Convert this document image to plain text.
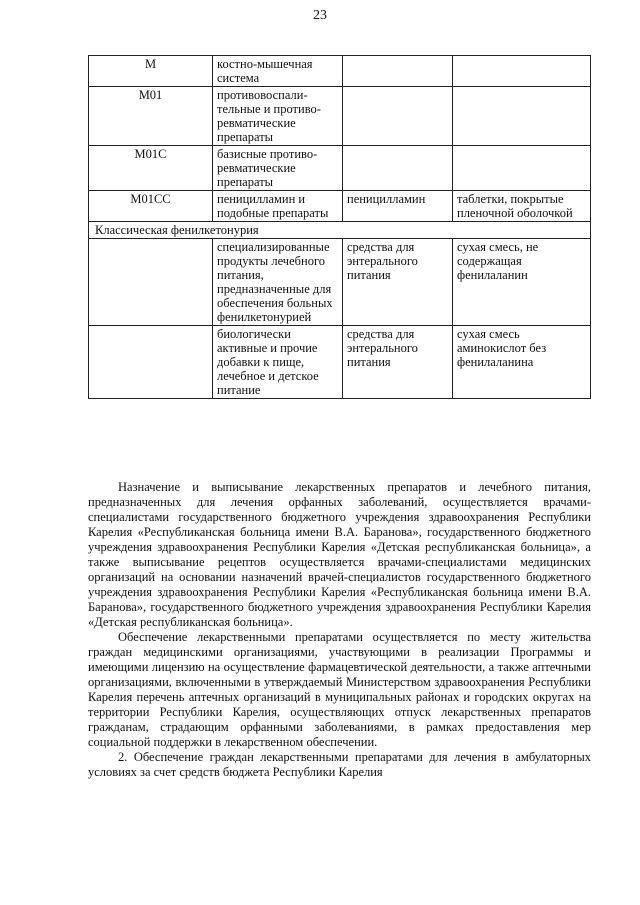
23
М	костно-мышечная система		
М01	противовоспали-тельные и противо-ревматические препараты		
М01С	базисные противо-ревматические препараты		
М01СС	пеницилламин и подобные препараты	пеницилламин	таблетки, покрытые пленочной оболочкой
Классическая фенилкетонурия			
	специализированные продукты лечебного питания, предназначенные для обеспечения больных фенилкетонурией	средства для энтерального питания	сухая смесь, не содержащая фенилаланин
	биологически активные и прочие добавки к пище, лечебное и детское питание	средства для энтерального питания	сухая смесь аминокислот без фенилаланина

Назначение и выписывание лекарственных препаратов и лечебного питания, предназначенных для лечения орфанных заболеваний, осуществляется врачами-специалистами государственного бюджетного учреждения здравоохранения Республики Карелия «Республиканская больница имени В.А. Баранова», государственного бюджетного учреждения здравоохранения Республики Карелия «Детская республиканская больница», а также выписывание рецептов осуществляется врачами-специалистами медицинских организаций на основании назначений врачей-специалистов государственного бюджетного учреждения здравоохранения Республики Карелия «Республиканская больница имени В.А. Баранова», государственного бюджетного учреждения здравоохранения Республики Карелия «Детская республиканская больница».

Обеспечение лекарственными препаратами осуществляется по месту жительства граждан медицинскими организациями, участвующими в реализации Программы и имеющими лицензию на осуществление фармацевтической деятельности, а также аптечными организациями, включенными в утверждаемый Министерством здравоохранения Республики Карелия перечень аптечных организаций в муниципальных районах и городских округах на территории Республики Карелия, осуществляющих отпуск лекарственных препаратов гражданам, страдающим орфанными заболеваниями, в рамках предоставления мер социальной поддержки в лекарственном обеспечении.

2. Обеспечение граждан лекарственными препаратами для лечения в амбулаторных условиях за счет средств бюджета Республики Карелия
